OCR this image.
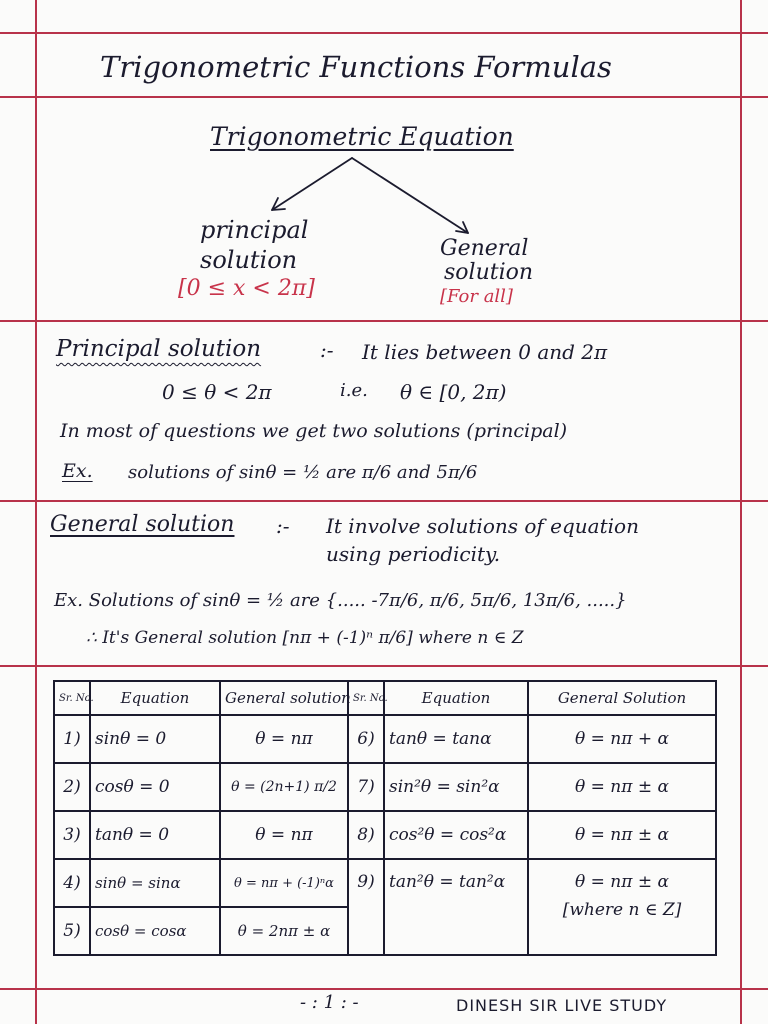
Trigonometric Functions Formulas
Trigonometric Equation
principal
solution
[0 ≤ x < 2π]
General
solution
[For all]
Principal solution	:- It lies between 0 and 2π
0 ≤ θ < 2π	i.e. θ ∈ [0, 2π)
In most of questions we get two solutions (principal)
Ex. solutions of sinθ = ½ are π/6 and 5π/6
General solution :- It involve solutions of equation
using periodicity.
Ex. Solutions of sinθ = ½ are {..... -7π/6, π/6, 5π/6, 13π/6, .....}
∴ It's General solution [nπ + (-1)ⁿ π/6] where n ∈ Z
Sr. No.	Equation	General solution	Sr. No.	Equation	General Solution
1)	sinθ = 0	θ = nπ	6)	tanθ = tanα	θ = nπ + α
2)	cosθ = 0	θ = (2n+1) π/2	7)	sin²θ = sin²α	θ = nπ ± α
3)	tanθ = 0	θ = nπ	8)	cos²θ = cos²α	θ = nπ ± α
4)	sinθ = sinα	θ = nπ + (-1)ⁿα	9)	tan²θ = tan²α	θ = nπ ± α
[where n ∈ Z]

5)	cosθ = cosα	θ = 2nπ ± α			
- : 1 : -	DINESH SIR LIVE STUDY
